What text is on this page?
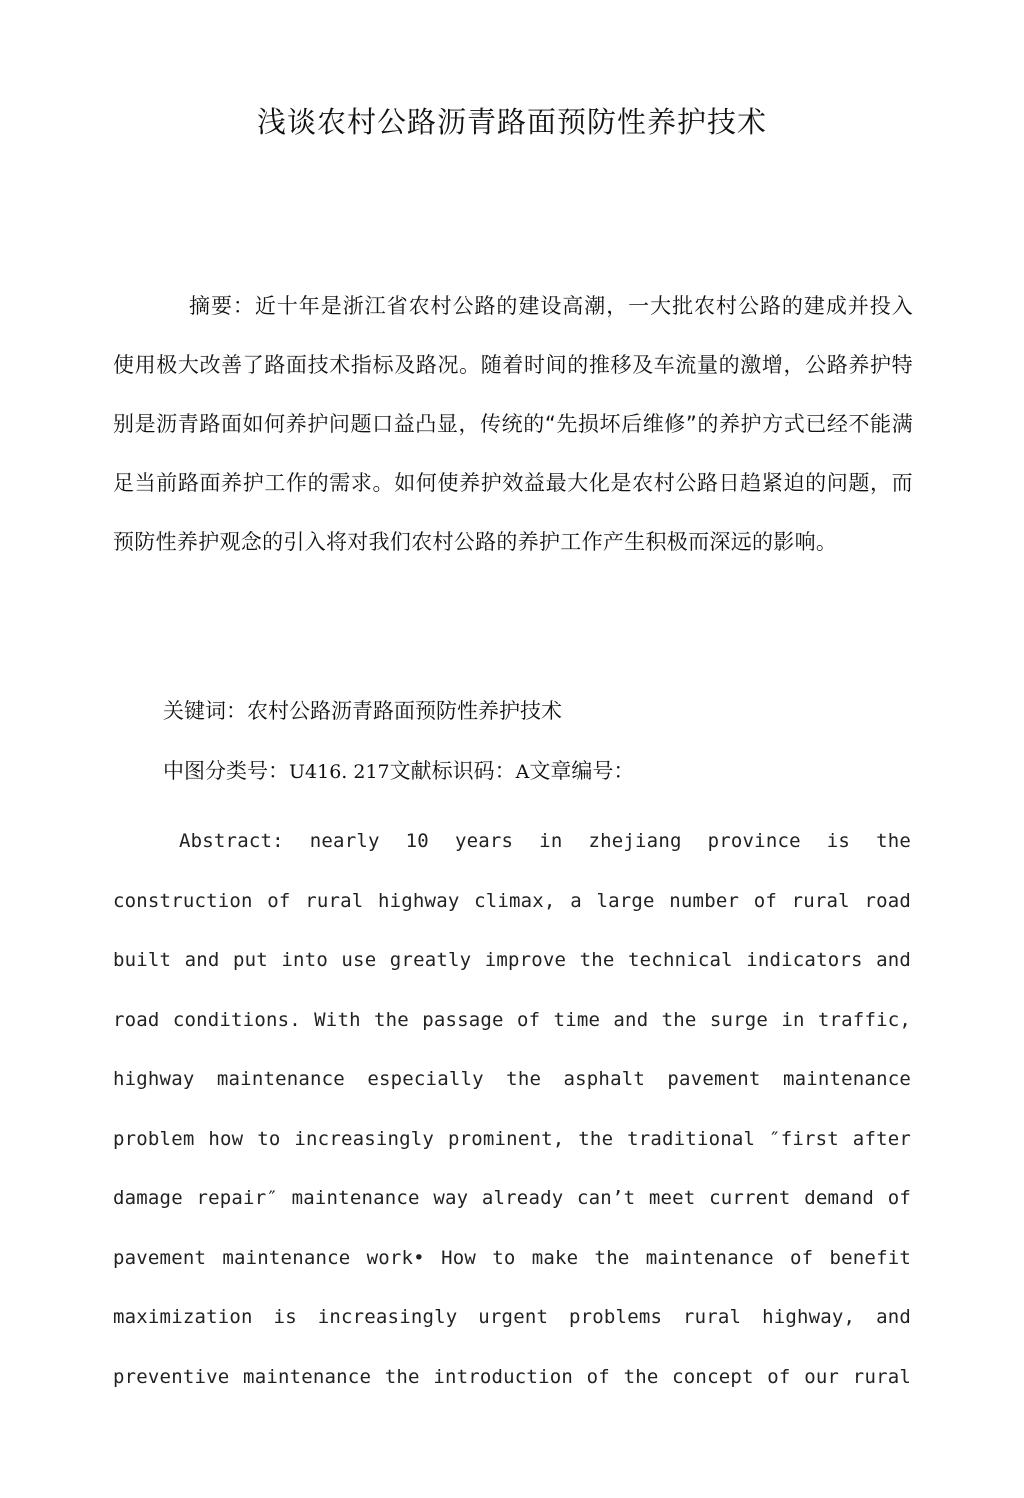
浅谈农村公路沥青路面预防性养护技术
摘要：近十年是浙江省农村公路的建设高潮，一大批农村公路的建成并投入使用极大改善了路面技术指标及路况。随着时间的推移及车流量的激增，公路养护特别是沥青路面如何养护问题口益凸显，传统的“先损坏后维修”的养护方式已经不能满足当前路面养护工作的需求。如何使养护效益最大化是农村公路日趋紧迫的问题，而预防性养护观念的引入将对我们农村公路的养护工作产生积极而深远的影响。
关键词：农村公路沥青路面预防性养护技术
中图分类号：U416. 217文献标识码：A文章编号：
Abstract: nearly 10 years in zhejiang province is the construction of rural highway climax, a large number of rural road built and put into use greatly improve the technical indicators and road conditions. With the passage of time and the surge in traffic, highway maintenance especially the asphalt pavement maintenance problem how to increasingly prominent, the traditional ″first after damage repair″ maintenance way already can’t meet current demand of pavement maintenance work• How to make the maintenance of benefit maximization is increasingly urgent problems rural highway, and preventive maintenance the introduction of the concept of our rural
